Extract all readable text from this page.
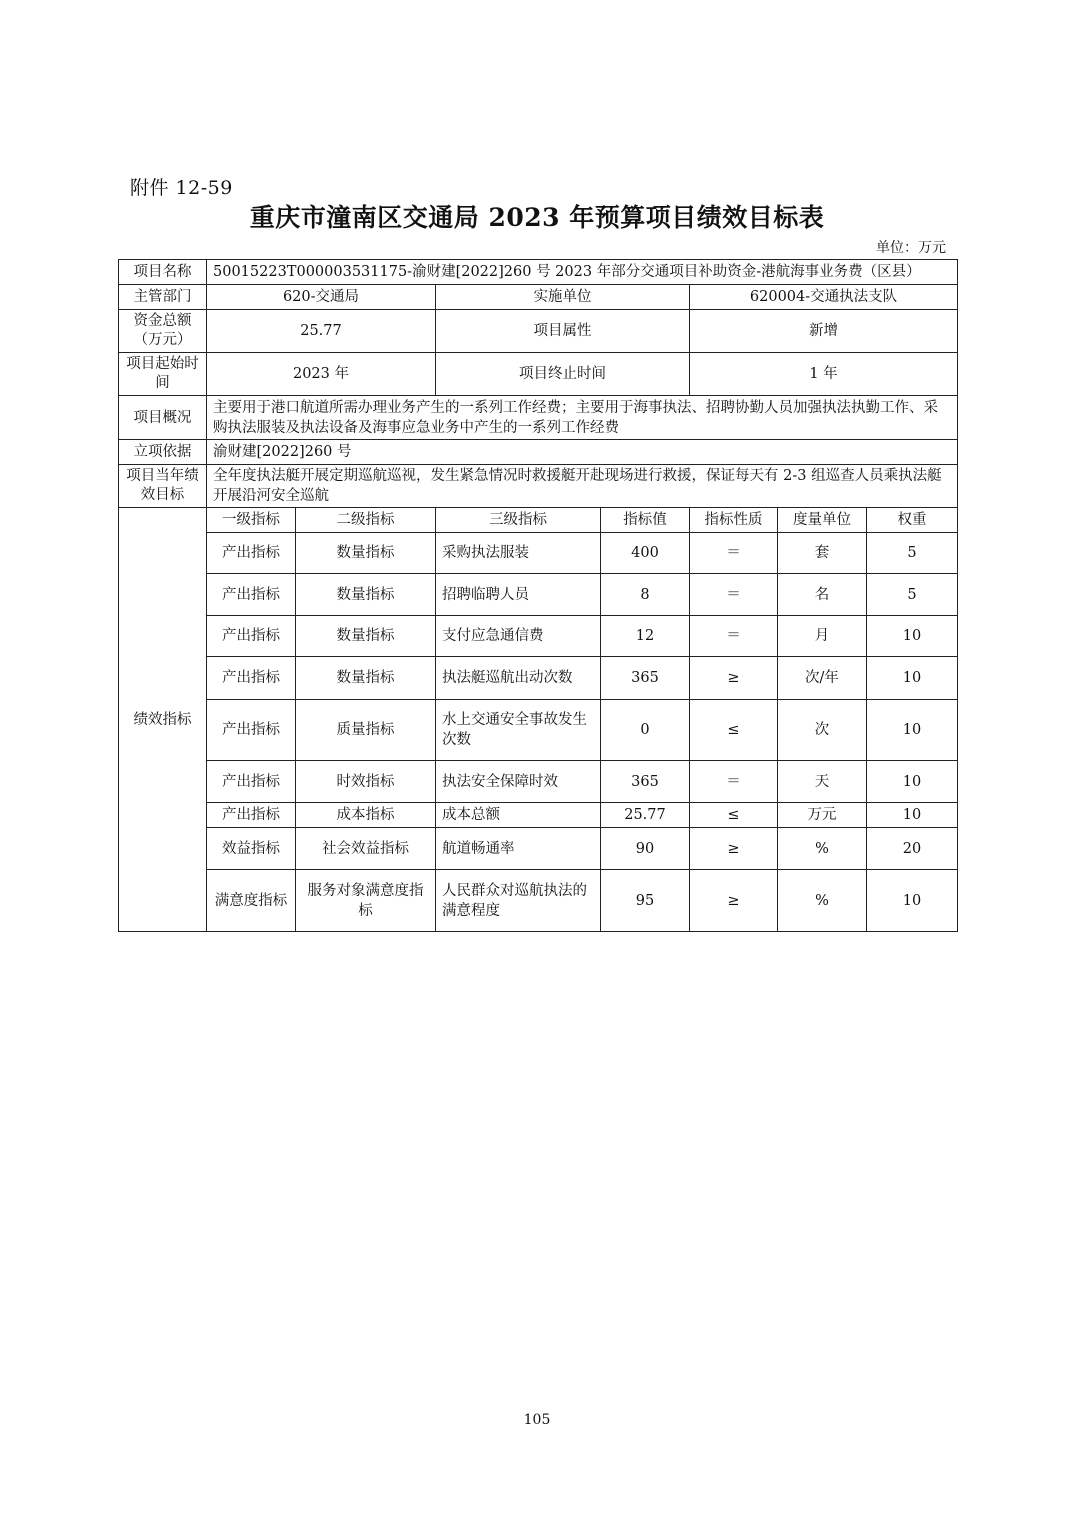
附件 12-59
重庆市潼南区交通局 2023 年预算项目绩效目标表
单位：万元
项目名称	50015223T000003531175-渝财建[2022]260 号 2023 年部分交通项目补助资金-港航海事业务费（区县）						
主管部门	620-交通局		实施单位		620004-交通执法支队		
资金总额（万元）	25.77		项目属性		新增		
项目起始时间	2023 年		项目终止时间		1 年		
项目概况	主要用于港口航道所需办理业务产生的一系列工作经费；主要用于海事执法、招聘协勤人员加强执法执勤工作、采购执法服装及执法设备及海事应急业务中产生的一系列工作经费						
立项依据	渝财建[2022]260 号						
项目当年绩效目标	全年度执法艇开展定期巡航巡视，发生紧急情况时救援艇开赴现场进行救援，保证每天有 2-3 组巡查人员乘执法艇开展沿河安全巡航						
绩效指标	一级指标	二级指标	三级指标	指标值	指标性质	度量单位	权重
	产出指标	数量指标	采购执法服装	400	＝	套	5
	产出指标	数量指标	招聘临聘人员	8	＝	名	5
	产出指标	数量指标	支付应急通信费	12	＝	月	10
	产出指标	数量指标	执法艇巡航出动次数	365	≥	次/年	10
	产出指标	质量指标	水上交通安全事故发生次数	0	≤	次	10
	产出指标	时效指标	执法安全保障时效	365	＝	天	10
	产出指标	成本指标	成本总额	25.77	≤	万元	10
	效益指标	社会效益指标	航道畅通率	90	≥	%	20
	满意度指标	服务对象满意度指标	人民群众对巡航执法的满意程度	95	≥	%	10
105
